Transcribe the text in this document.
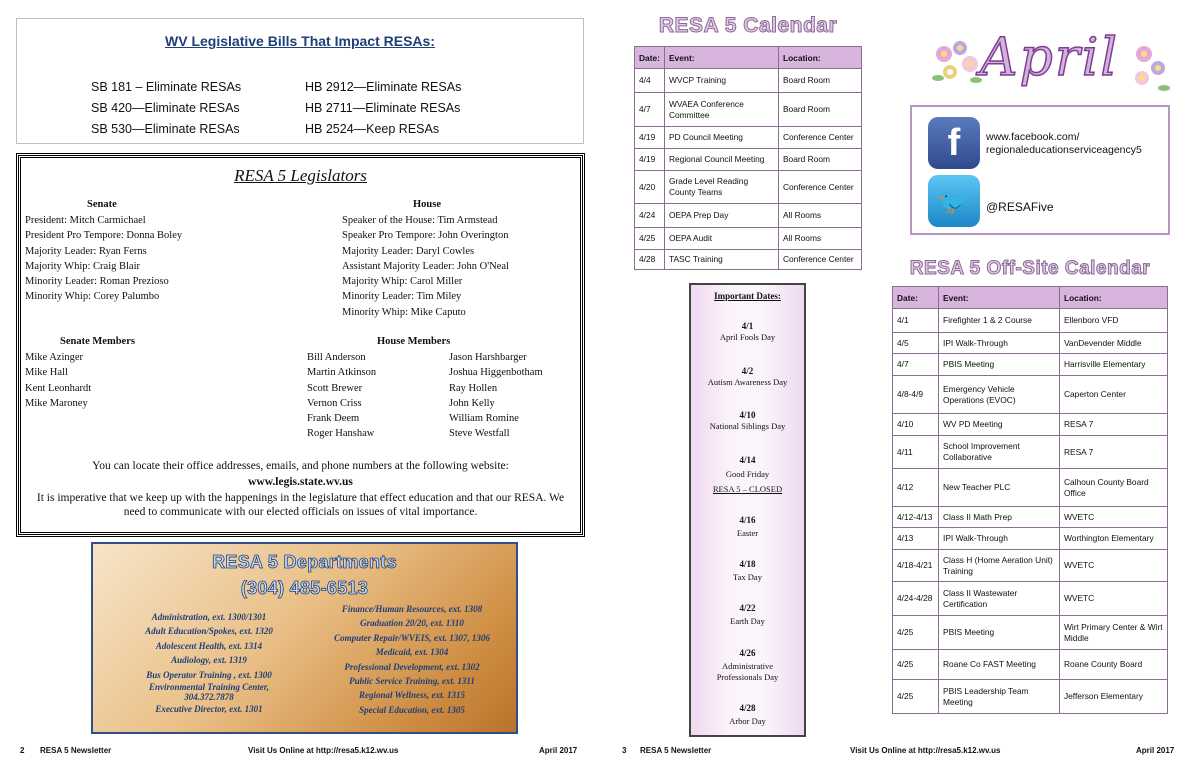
WV Legislative Bills That Impact RESAs:
SB 181 – Eliminate RESAs
SB 420—Eliminate RESAs
SB 530—Eliminate RESAs
HB 2912—Eliminate RESAs
HB 2711—Eliminate RESAs
HB 2524—Keep RESAs
RESA 5 Legislators
Senate
President: Mitch Carmichael
President Pro Tempore: Donna Boley
Majority Leader: Ryan Ferns
Majority Whip: Craig Blair
Minority Leader: Roman Prezioso
Minority Whip: Corey Palumbo
House
Speaker of the House: Tim Armstead
Speaker Pro Tempore: John Overington
Majority Leader: Daryl Cowles
Assistant Majority Leader: John O'Neal
Majority Whip: Carol Miller
Minority Leader: Tim Miley
Minority Whip: Mike Caputo
Senate Members
Mike Azinger
Mike Hall
Kent Leonhardt
Mike Maroney
House Members
Bill Anderson
Martin Atkinson
Scott Brewer
Vernon Criss
Frank Deem
Roger Hanshaw
Jason Harshbarger
Joshua Higgenbotham
Ray Hollen
John Kelly
William Romine
Steve Westfall
You can locate their office addresses, emails, and phone numbers at the following website:
www.legis.state.wv.us
It is imperative that we keep up with the happenings in the legislature that effect education and that our RESA. We need to communicate with our elected officials on issues of vital importance.
RESA 5 Departments
(304) 485-6513
Administration, ext. 1300/1301
Adult Education/Spokes, ext. 1320
Adolescent Health, ext. 1314
Audiology, ext. 1319
Bus Operator Training , ext. 1300
Environmental Training Center,
304.372.7878
Executive Director, ext. 1301
Finance/Human Resources, ext. 1308
Graduation 20/20, ext. 1310
Computer Repair/WVEIS, ext. 1307, 1306
Medicaid, ext. 1304
Professional Development, ext. 1302
Public Service Training, ext. 1311
Regional Wellness, ext. 1315
Special Education, ext. 1305
RESA 5 Calendar
Date:	Event:	Location:
4/4	WVCP Training	Board Room
4/7	WVAEA Conference Committee	Board Room
4/19	PD Council Meeting	Conference Center
4/19	Regional Council Meeting	Board Room
4/20	Grade Level Reading County Teams	Conference Center
4/24	OEPA Prep Day	All Rooms
4/25	OEPA Audit	All Rooms
4/28	TASC Training	Conference Center
Important Dates:
4/1
April Fools Day
4/2
Autism Awareness Day
4/10
National Siblings Day
4/14
Good Friday
RESA 5 – CLOSED
4/16
Easter
4/18
Tax Day
4/22
Earth Day
4/26
Administrative
Professionals Day
4/28
Arbor Day
April
f	www.facebook.com/
regionaleducationserviceagency5
🐦	@RESAFive
RESA 5 Off-Site Calendar
Date:	Event:	Location:
4/1	Firefighter 1 & 2 Course	Ellenboro VFD
4/5	IPI Walk-Through	VanDevender Middle
4/7	PBIS Meeting	Harrisville Elementary
4/8-4/9	Emergency Vehicle Operations (EVOC)	Caperton Center
4/10	WV PD Meeting	RESA 7
4/11	School Improvement Collaborative	RESA 7
4/12	New Teacher PLC	Calhoun County Board Office
4/12-4/13	Class II Math Prep	WVETC
4/13	IPI Walk-Through	Worthington Elementary
4/18-4/21	Class H (Home Aeration Unit) Training	WVETC
4/24-4/28	Class II Wastewater Certification	WVETC
4/25	PBIS Meeting	Wirt Primary Center & Wirt Middle
4/25	Roane Co FAST Meeting	Roane County Board
4/25	PBIS Leadership Team Meeting	Jefferson Elementary
2 RESA 5 Newsletter	Visit Us Online at http://resa5.k12.wv.us	April 2017	3 RESA 5 Newsletter	Visit Us Online at http://resa5.k12.wv.us	April 2017
